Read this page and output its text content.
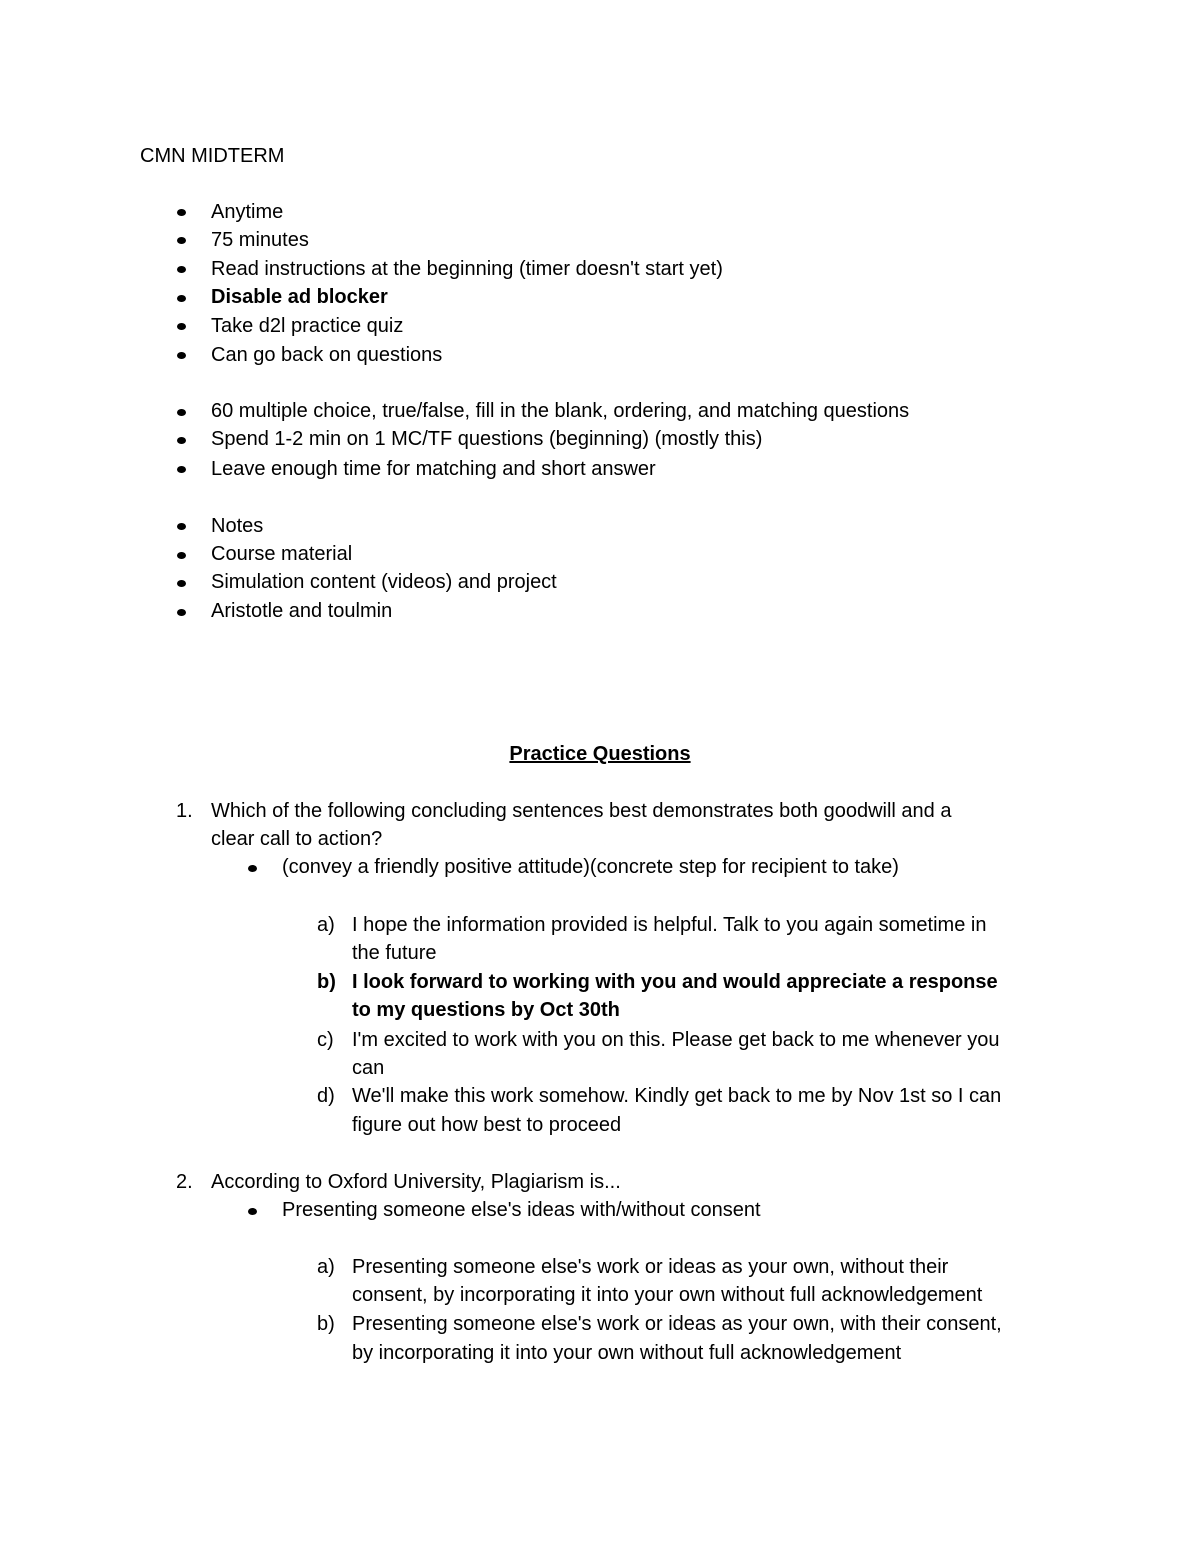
CMN MIDTERM
Anytime
75 minutes
Read instructions at the beginning (timer doesn't start yet)
Disable ad blocker
Take d2l practice quiz
Can go back on questions
60 multiple choice, true/false, fill in the blank, ordering, and matching questions
Spend 1-2 min on 1 MC/TF questions (beginning) (mostly this)
Leave enough time for matching and short answer
Notes
Course material
Simulation content (videos) and project
Aristotle and toulmin
Practice Questions
1. Which of the following concluding sentences best demonstrates both goodwill and a
clear call to action?
(convey a friendly positive attitude)(concrete step for recipient to take)
a) I hope the information provided is helpful. Talk to you again sometime in
the future
b) I look forward to working with you and would appreciate a response
to my questions by Oct 30th
c) I'm excited to work with you on this. Please get back to me whenever you
can
d) We'll make this work somehow. Kindly get back to me by Nov 1st so I can
figure out how best to proceed
2. According to Oxford University, Plagiarism is...
Presenting someone else's ideas with/without consent
a) Presenting someone else's work or ideas as your own, without their
consent, by incorporating it into your own without full acknowledgement
b) Presenting someone else's work or ideas as your own, with their consent,
by incorporating it into your own without full acknowledgement
